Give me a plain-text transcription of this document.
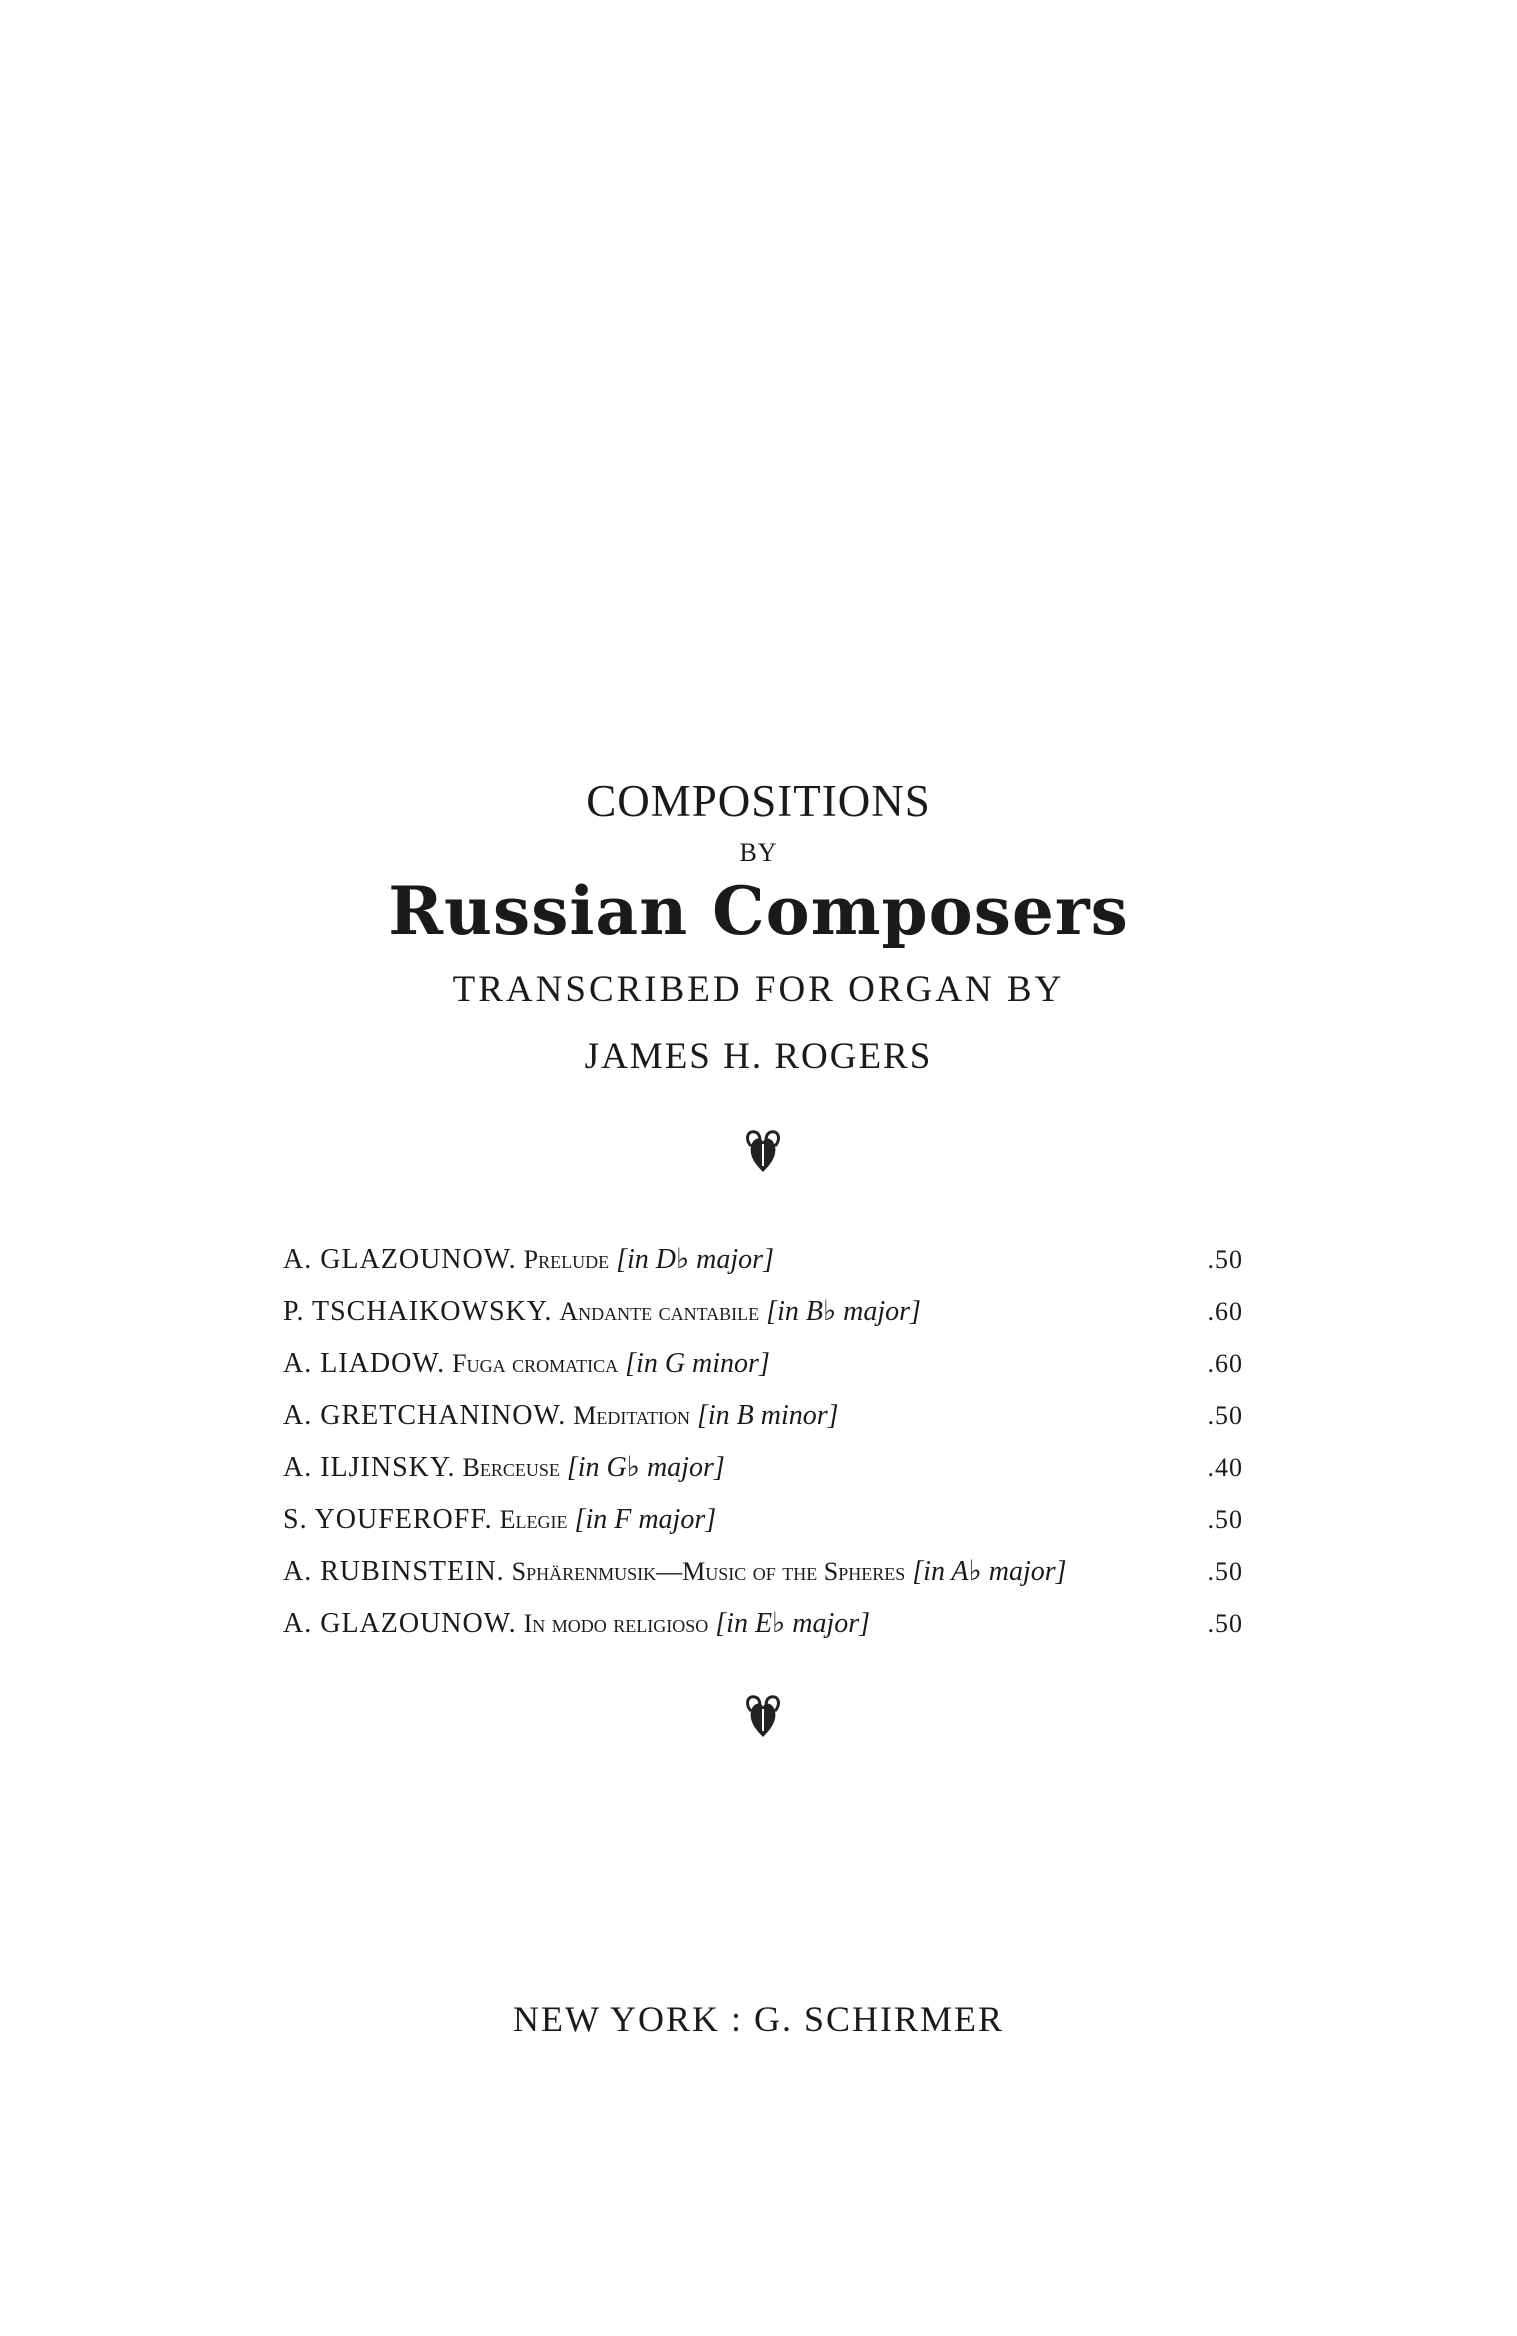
COMPOSITIONS
BY
Russian Composers
TRANSCRIBED FOR ORGAN BY
JAMES H. ROGERS
A. GLAZOUNOW. Prelude [in D♭ major]	.50
P. TSCHAIKOWSKY. Andante cantabile [in B♭ major]	.60
A. LIADOW. Fuga cromatica [in G minor]	.60
A. GRETCHANINOW. Meditation [in B minor]	.50
A. ILJINSKY. Berceuse [in G♭ major]	.40
S. YOUFEROFF. Elegie [in F major]	.50
A. RUBINSTEIN. Sphärenmusik—Music of the Spheres [in A♭ major]	.50
A. GLAZOUNOW. In modo religioso [in E♭ major]	.50
NEW YORK : G. SCHIRMER
